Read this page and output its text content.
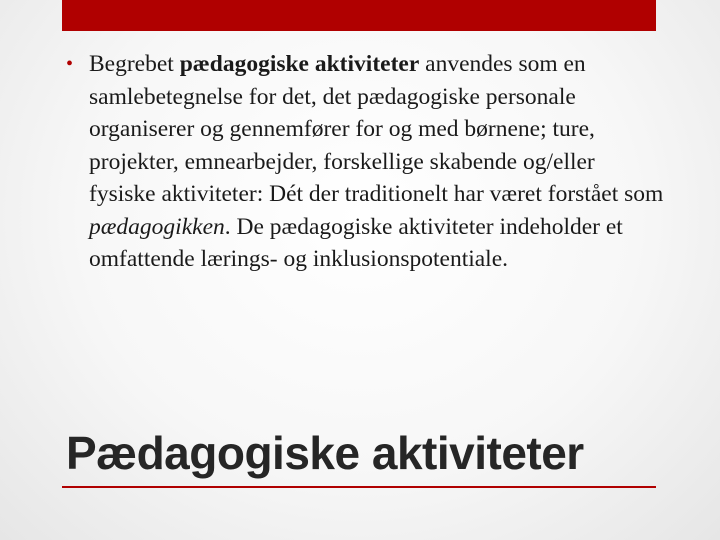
• Begrebet pædagogiske aktiviteter anvendes som en samlebetegnelse for det, det pædagogiske personale organiserer og gennemfører for og med børnene; ture, projekter, emnearbejder, forskellige skabende og/eller fysiske aktiviteter: Dét der traditionelt har været forstået som pædagogikken. De pædagogiske aktiviteter indeholder et omfattende lærings- og inklusionspotentiale.
Pædagogiske aktiviteter
